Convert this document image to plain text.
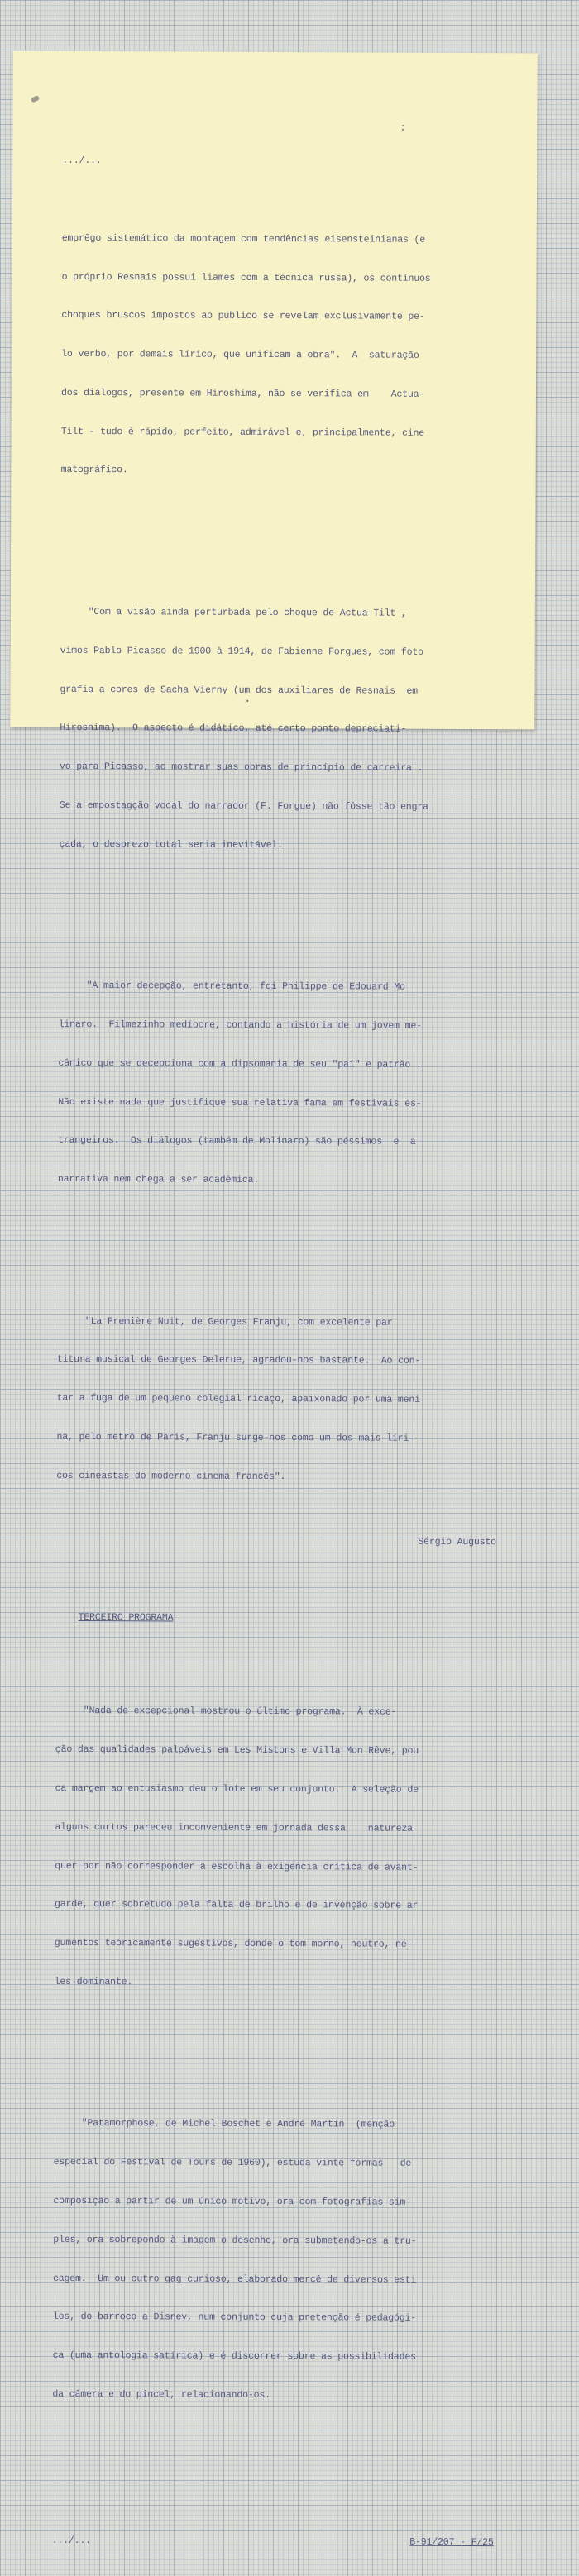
:

.../...

emprêgo sistemático da montagem com tendências eisensteinianas (e

o próprio Resnais possui liames com a técnica russa), os contínuos

choques bruscos impostos ao público se revelam exclusivamente pe-

lo verbo, por demais lírico, que unificam a obra".  A  saturação

dos diálogos, presente em Hiroshima, não se verifica em    Actua-

Tilt - tudo é rápido, perfeito, admirável e, principalmente, cine

matográfico.

"Com a visão ainda perturbada pelo choque de Actua-Tilt ,

vimos Pablo Picasso de 1900 à 1914, de Fabienne Forgues, com foto

grafia a cores de Sacha Vierny (um dos auxiliares de Resnais  em

Hiroshima).  O aspecto é didático, até certo ponto depreciati-

vo para Picasso, ao mostrar suas obras de princípio de carreira .

Se a empostagção vocal do narrador (F. Forgue) não fôsse tão engra

çada, o desprezo total seria inevitável.

"A maior decepção, entretanto, foi Philippe de Edouard Mo

linaro.  Filmezinho medíocre, contando a história de um jovem me-

cânico que se decepciona com a dipsomania de seu "pai" e patrão .

Não existe nada que justifique sua relativa fama em festivais es-

trangeiros.  Os diálogos (também de Molinaro) são péssimos  e  a

narrativa nem chega a ser acadêmica.

"La Première Nuit, de Georges Franju, com excelente par

titura musical de Georges Delerue, agradou-nos bastante.  Ao con-

tar a fuga de um pequeno colegial ricaço, apaixonado por uma meni

na, pelo metrô de Paris, Franju surge-nos como um dos mais líri-

cos cineastas do moderno cinema francês".

Sérgio Augusto

TERCEIRO PROGRAMA

"Nada de excepcional mostrou o último programa.  À exce-

ção das qualidades palpáveis em Les Mistons e Villa Mon Rêve, pou

ca margem ao entusiasmo deu o lote em seu conjunto.  A seleção de

alguns curtos pareceu inconveniente em jornada dessa    natureza

quer por não corresponder a escolha à exigência crítica de avant-

garde, quer sobretudo pela falta de brilho e de invenção sobre ar

gumentos teóricamente sugestivos, donde o tom morno, neutro, né-

les dominante.

"Patamorphose, de Michel Boschet e André Martin  (menção

especial do Festival de Tours de 1960), estuda vinte formas   de

composição a partir de um único motivo, ora com fotografias sim-

ples, ora sobrepondo à imagem o desenho, ora submetendo-os a tru-

cagem.  Um ou outro gag curioso, elaborado mercê de diversos esti

los, do barroco a Disney, num conjunto cuja pretenção é pedagógi-

ca (uma antologia satírica) e é discorrer sobre as possibilidades

da câmera e do pincel, relacionando-os.

.../...	B-91/207 - F/25
